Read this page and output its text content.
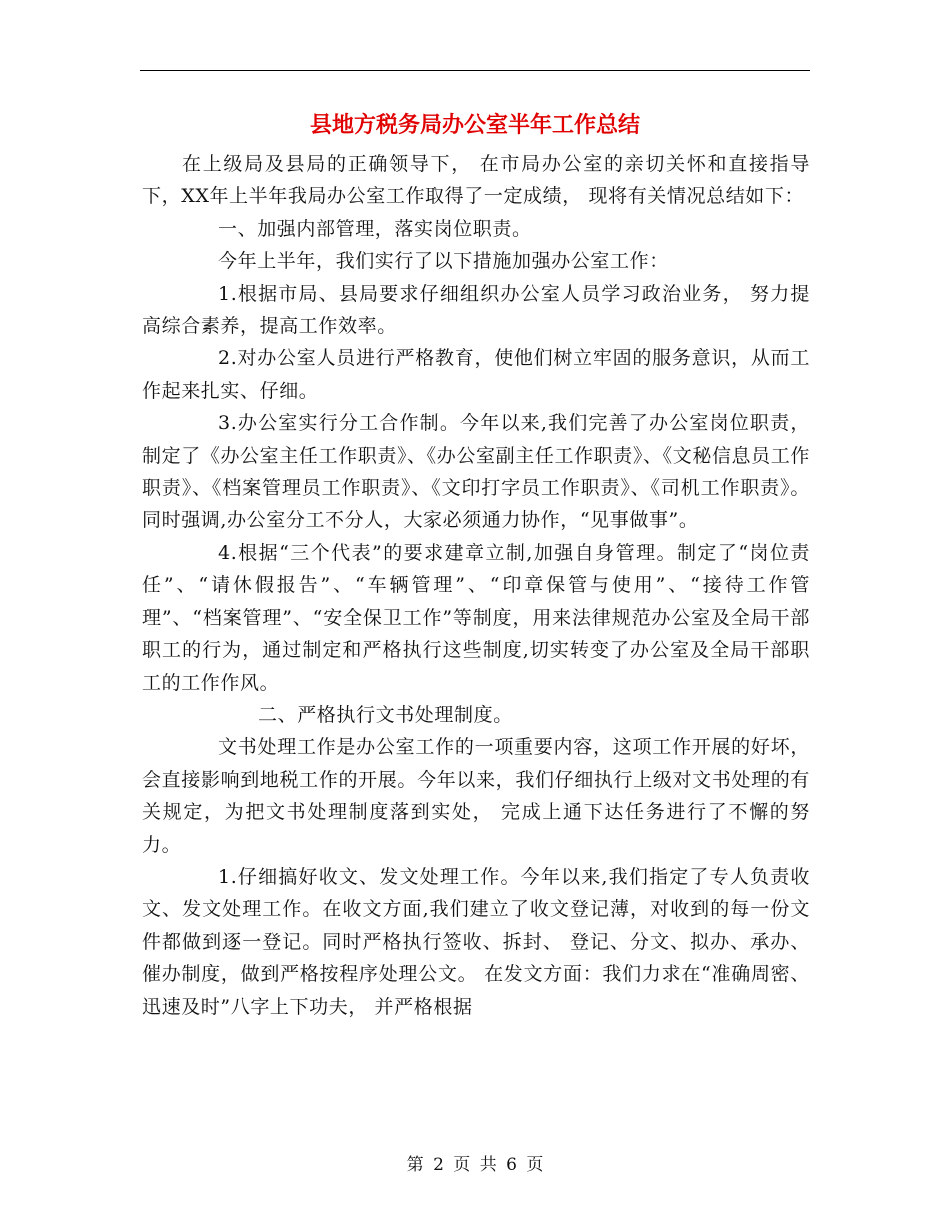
县地方税务局办公室半年工作总结

在上级局及县局的正确领导下， 在市局办公室的亲切关怀和直接指导下，XX年上半年我局办公室工作取得了一定成绩， 现将有关情况总结如下：

一、加强内部管理，落实岗位职责。

今年上半年，我们实行了以下措施加强办公室工作：

1.根据市局、县局要求仔细组织办公室人员学习政治业务， 努力提高综合素养，提高工作效率。

2.对办公室人员进行严格教育，使他们树立牢固的服务意识，从而工作起来扎实、仔细。

3.办公室实行分工合作制。今年以来,我们完善了办公室岗位职责，制定了《办公室主任工作职责》、《办公室副主任工作职责》、《文秘信息员工作职责》、《档案管理员工作职责》、《文印打字员工作职责》、《司机工作职责》。同时强调,办公室分工不分人，大家必须通力协作，“见事做事”。

4.根据“三个代表”的要求建章立制,加强自身管理。制定了“岗位责任”、“请休假报告”、“车辆管理”、“印章保管与使用”、“接待工作管理”、“档案管理”、“安全保卫工作”等制度，用来法律规范办公室及全局干部职工的行为，通过制定和严格执行这些制度,切实转变了办公室及全局干部职工的工作作风。

二、严格执行文书处理制度。

文书处理工作是办公室工作的一项重要内容，这项工作开展的好坏，会直接影响到地税工作的开展。今年以来，我们仔细执行上级对文书处理的有关规定，为把文书处理制度落到实处， 完成上通下达任务进行了不懈的努力。

1.仔细搞好收文、发文处理工作。今年以来,我们指定了专人负责收文、发文处理工作。在收文方面,我们建立了收文登记薄，对收到的每一份文件都做到逐一登记。同时严格执行签收、拆封、 登记、分文、拟办、承办、催办制度，做到严格按程序处理公文。 在发文方面：我们力求在“准确周密、迅速及时”八字上下功夫， 并严格根据

第 2 页 共 6 页
